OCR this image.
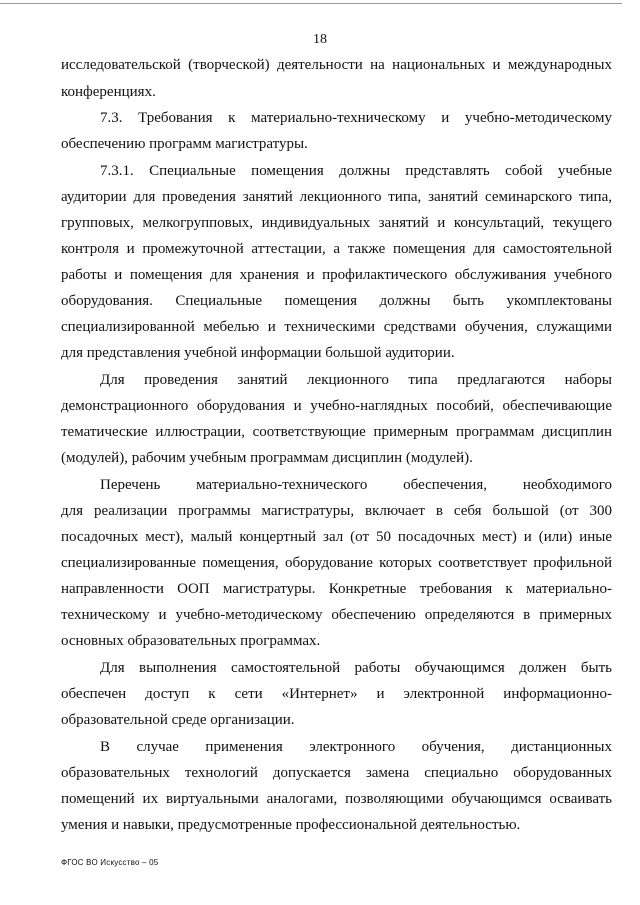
18
исследовательской (творческой) деятельности на национальных и международных
конференциях.
7.3. Требования к материально-техническому и учебно-методическому
обеспечению программ магистратуры.
7.3.1. Специальные помещения должны представлять собой учебные
аудитории для проведения занятий лекционного типа, занятий семинарского типа,
групповых, мелкогрупповых, индивидуальных занятий и консультаций, текущего
контроля и промежуточной аттестации, а также помещения для самостоятельной
работы и помещения для хранения и профилактического обслуживания учебного
оборудования. Специальные помещения должны быть укомплектованы
специализированной мебелью и техническими средствами обучения, служащими
для представления учебной информации большой аудитории.
Для проведения занятий лекционного типа предлагаются наборы
демонстрационного оборудования и учебно-наглядных пособий, обеспечивающие
тематические иллюстрации, соответствующие примерным программам дисциплин
(модулей), рабочим учебным программам дисциплин (модулей).
Перечень материально-технического обеспечения, необходимого
для реализации программы магистратуры, включает в себя большой (от 300
посадочных мест), малый концертный зал (от 50 посадочных мест) и (или) иные
специализированные помещения, оборудование которых соответствует профильной
направленности ООП магистратуры. Конкретные требования к материально-
техническому и учебно-методическому обеспечению определяются в примерных
основных образовательных программах.
Для выполнения самостоятельной работы обучающимся должен быть
обеспечен доступ к сети «Интернет» и электронной информационно-
образовательной среде организации.
В случае применения электронного обучения, дистанционных
образовательных технологий допускается замена специально оборудованных
помещений их виртуальными аналогами, позволяющими обучающимся осваивать
умения и навыки, предусмотренные профессиональной деятельностью.
ФГОС ВО Искусство – 05
